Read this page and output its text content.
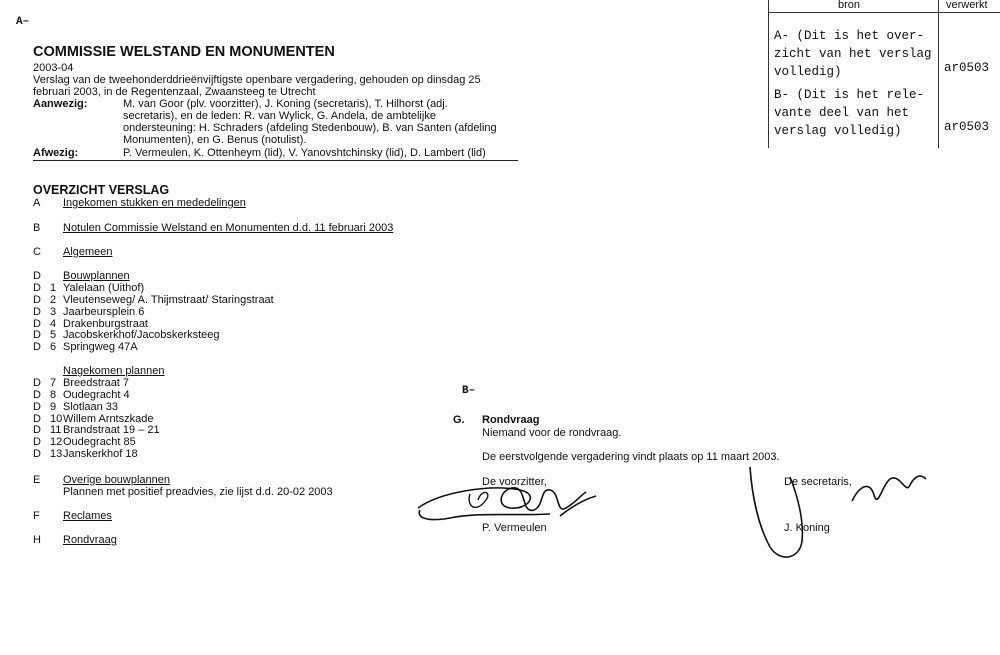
A–
COMMISSIE WELSTAND EN MONUMENTEN
2003-04
Verslag van de tweehonderddrieënvijftigste openbare vergadering, gehouden op dinsdag 25
februari 2003, in de Regentenzaal, Zwaansteeg te Utrecht
Aanwezig:	M. van Goor (plv. voorzitter), J. Koning (secretaris), T. Hilhorst (adj.
secretaris), en de leden: R. van Wylick, G. Andela, de ambtelijke
ondersteuning: H. Schraders (afdeling Stedenbouw), B. van Santen (afdeling
Monumenten), en G. Benus (notulist).
Afwezig:	P. Vermeulen, K. Ottenheym (lid), V. Yanovshtchinsky (lid), D. Lambert (lid)
OVERZICHT VERSLAG
A Ingekomen stukken en mededelingen
B Notulen Commissie Welstand en Monumenten d.d. 11 februari 2003
C Algemeen
D Bouwplannen
D 1 Yalelaan (Uithof)
D 2 Vleutenseweg/ A. Thijmstraat/ Staringstraat
D 3 Jaarbeursplein 6
D 4 Drakenburgstraat
D 5 Jacobskerkhof/Jacobskerksteeg
D 6 Springweg 47A
Nagekomen plannen
D 7 Breedstraat 7
D 8 Oudegracht 4
D 9 Slotlaan 33
D 10 Willem Arntszkade
D 11 Brandstraat 19 – 21
D 12 Oudegracht 85
D 13 Janskerkhof 18
E Overige bouwplannen
Plannen met positief preadvies, zie lijst d.d. 20-02 2003
F Reclames
H Rondvraag
B–
G. Rondvraag
Niemand voor de rondvraag.
De eerstvolgende vergadering vindt plaats op 11 maart 2003.
De voorzitter,
P. Vermeulen
De secretaris,
J. Koning
bron	verwerkt
A- (Dit is het over-
zicht van het verslag
volledig)	ar0503
B- (Dit is het rele-
vante deel van het
verslag volledig)	ar0503
